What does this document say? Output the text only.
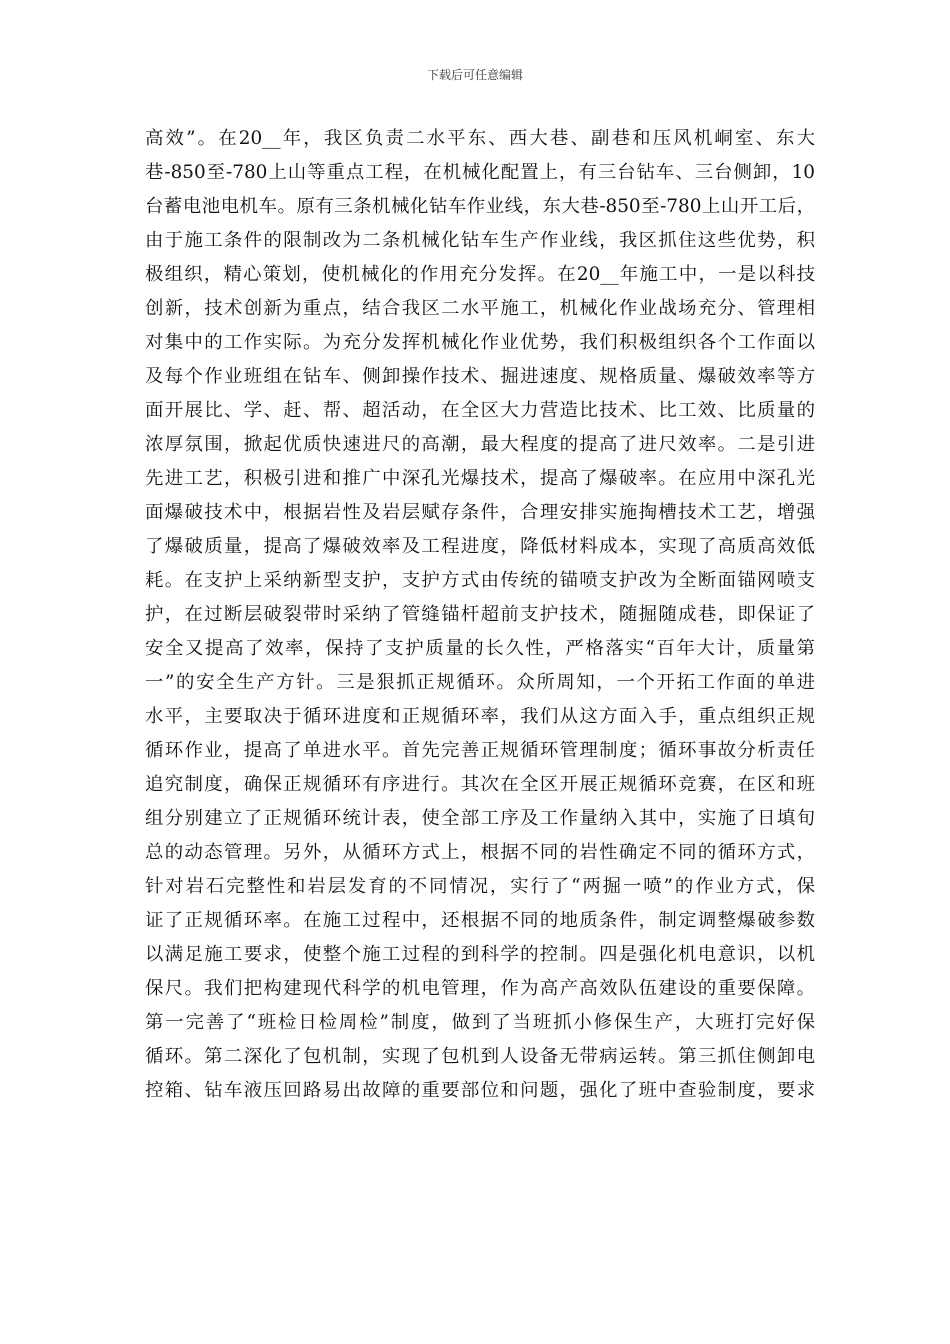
下载后可任意编辑
高效”。在20__年，我区负责二水平东、西大巷、副巷和压风机峒室、东大
巷-850至-780上山等重点工程，在机械化配置上，有三台钻车、三台侧卸，10
台蓄电池电机车。原有三条机械化钻车作业线，东大巷-850至-780上山开工后，
由于施工条件的限制改为二条机械化钻车生产作业线，我区抓住这些优势，积
极组织，精心策划，使机械化的作用充分发挥。在20__年施工中，一是以科技
创新，技术创新为重点，结合我区二水平施工，机械化作业战场充分、管理相
对集中的工作实际。为充分发挥机械化作业优势，我们积极组织各个工作面以
及每个作业班组在钻车、侧卸操作技术、掘进速度、规格质量、爆破效率等方
面开展比、学、赶、帮、超活动，在全区大力营造比技术、比工效、比质量的
浓厚氛围，掀起优质快速进尺的高潮，最大程度的提高了进尺效率。二是引进
先进工艺，积极引进和推广中深孔光爆技术，提高了爆破率。在应用中深孔光
面爆破技术中，根据岩性及岩层赋存条件，合理安排实施掏槽技术工艺，增强
了爆破质量，提高了爆破效率及工程进度，降低材料成本，实现了高质高效低
耗。在支护上采纳新型支护，支护方式由传统的锚喷支护改为全断面锚网喷支
护，在过断层破裂带时采纳了管缝锚杆超前支护技术，随掘随成巷，即保证了
安全又提高了效率，保持了支护质量的长久性，严格落实“百年大计，质量第
一”的安全生产方针。三是狠抓正规循环。众所周知，一个开拓工作面的单进
水平，主要取决于循环进度和正规循环率，我们从这方面入手，重点组织正规
循环作业，提高了单进水平。首先完善正规循环管理制度；循环事故分析责任
追究制度，确保正规循环有序进行。其次在全区开展正规循环竞赛，在区和班
组分别建立了正规循环统计表，使全部工序及工作量纳入其中，实施了日填旬
总的动态管理。另外，从循环方式上，根据不同的岩性确定不同的循环方式，
针对岩石完整性和岩层发育的不同情况，实行了“两掘一喷”的作业方式，保
证了正规循环率。在施工过程中，还根据不同的地质条件，制定调整爆破参数
以满足施工要求，使整个施工过程的到科学的控制。四是强化机电意识，以机
保尺。我们把构建现代科学的机电管理，作为高产高效队伍建设的重要保障。
第一完善了“班检日检周检”制度，做到了当班抓小修保生产，大班打完好保
循环。第二深化了包机制，实现了包机到人设备无带病运转。第三抓住侧卸电
控箱、钻车液压回路易出故障的重要部位和问题，强化了班中查验制度，要求
